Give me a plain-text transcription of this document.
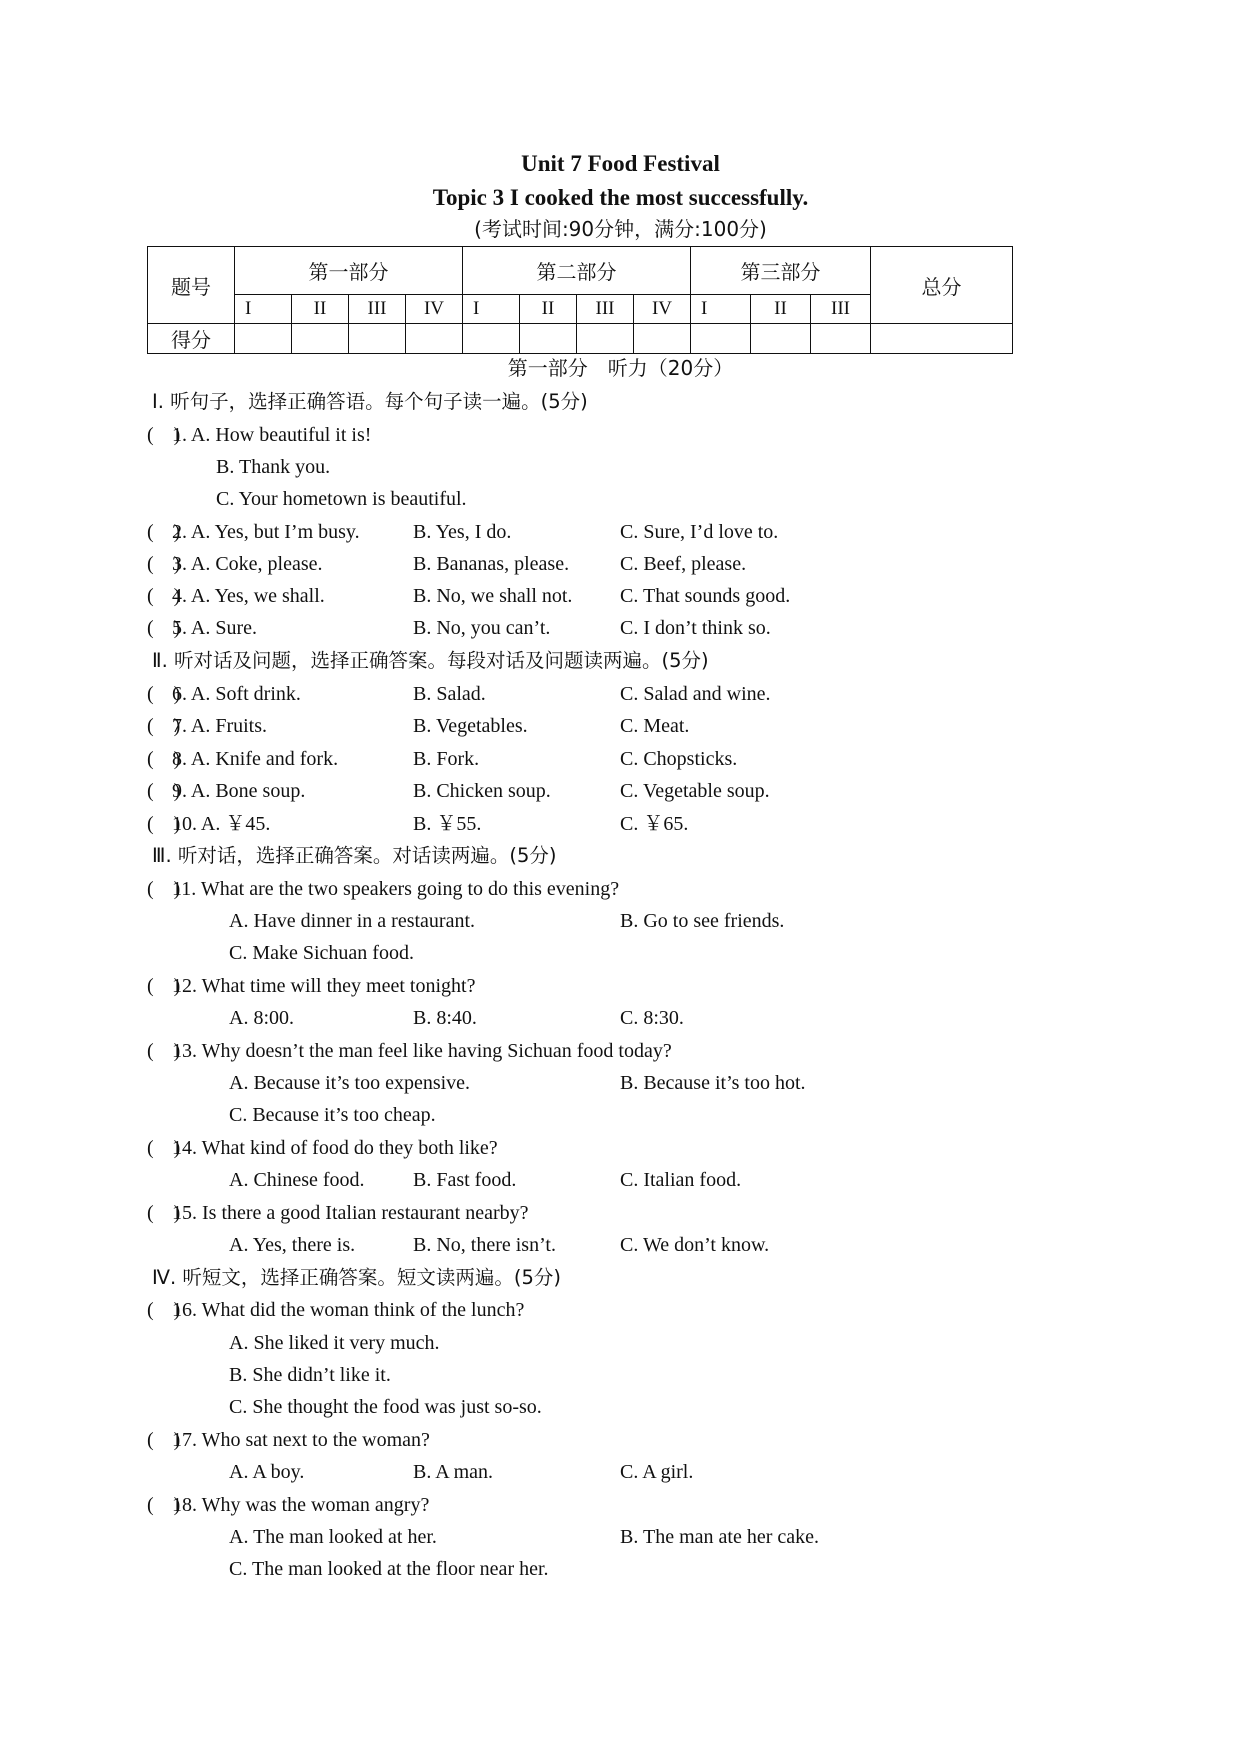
Unit 7 Food Festival
Topic 3 I cooked the most successfully.
(考试时间:90分钟，满分:100分)
题号	第一部分				第二部分				第三部分			总分
	I	II	III	IV	I	II	III	IV	I	II	III	
得分												
第一部分　听力（20分）
Ⅰ. 听句子，选择正确答语。每个句子读一遍。(5分)
(　)
1. A. How beautiful it is!
B. Thank you.
C. Your hometown is beautiful.
(　)
2. A. Yes, but I’m busy.	B. Yes, I do.	C. Sure, I’d love to.
(　)
3. A. Coke, please.	B. Bananas, please.	C. Beef, please.
(　)
4. A. Yes, we shall.	B. No, we shall not. C. That sounds good.
(　)
5. A. Sure.	B. No, you can’t.	C. I don’t think so.
Ⅱ. 听对话及问题，选择正确答案。每段对话及问题读两遍。(5分)
(　)
6. A. Soft drink.	B. Salad.	C. Salad and wine.
(　)
7. A. Fruits.	B. Vegetables.	C. Meat.
(　)
8. A. Knife and fork.	B. Fork.	C. Chopsticks.
(　)
9. A. Bone soup.	B. Chicken soup.	C. Vegetable soup.
(　)
10. A. ￥45.	B. ￥55.	C. ￥65.
Ⅲ. 听对话，选择正确答案。对话读两遍。(5分)
(　)
11. What are the two speakers going to do this evening?
A. Have dinner in a restaurant.	B. Go to see friends.
C. Make Sichuan food.
(　)
12. What time will they meet tonight?
A. 8:00.	B. 8:40.	C. 8:30.
(　)
13. Why doesn’t the man feel like having Sichuan food today?
A. Because it’s too expensive.	B. Because it’s too hot.
C. Because it’s too cheap.
(　)
14. What kind of food do they both like?
A. Chinese food. B. Fast food.	C. Italian food.
(　)
15. Is there a good Italian restaurant nearby?
A. Yes, there is.	B. No, there isn’t.	C. We don’t know.
Ⅳ. 听短文，选择正确答案。短文读两遍。(5分)
(　)
16. What did the woman think of the lunch?
A. She liked it very much.
B. She didn’t like it.
C. She thought the food was just so-so.
(　)
17. Who sat next to the woman?
A. A boy.	B. A man.	C. A girl.
(　)
18. Why was the woman angry?
A. The man looked at her.	B. The man ate her cake.
C. The man looked at the floor near her.
